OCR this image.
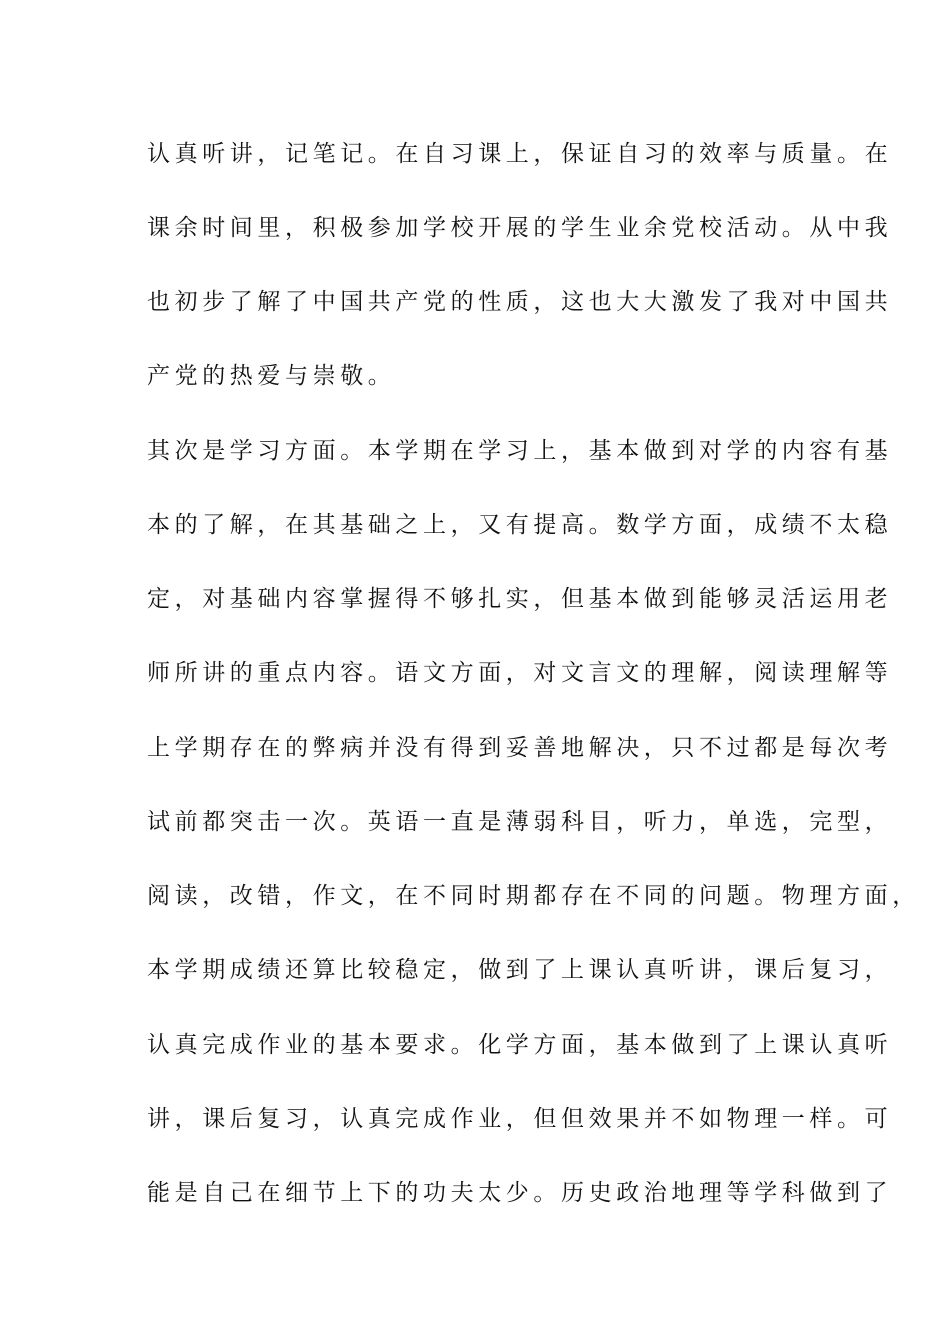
认真听讲，记笔记。在自习课上，保证自习的效率与质量。在
课余时间里，积极参加学校开展的学生业余党校活动。从中我
也初步了解了中国共产党的性质，这也大大激发了我对中国共
产党的热爱与崇敬。
其次是学习方面。本学期在学习上，基本做到对学的内容有基
本的了解，在其基础之上，又有提高。数学方面，成绩不太稳
定，对基础内容掌握得不够扎实，但基本做到能够灵活运用老
师所讲的重点内容。语文方面，对文言文的理解，阅读理解等
上学期存在的弊病并没有得到妥善地解决，只不过都是每次考
试前都突击一次。英语一直是薄弱科目，听力，单选，完型，
阅读，改错，作文，在不同时期都存在不同的问题。物理方面，
本学期成绩还算比较稳定，做到了上课认真听讲，课后复习，
认真完成作业的基本要求。化学方面，基本做到了上课认真听
讲，课后复习，认真完成作业，但但效果并不如物理一样。可
能是自己在细节上下的功夫太少。历史政治地理等学科做到了
